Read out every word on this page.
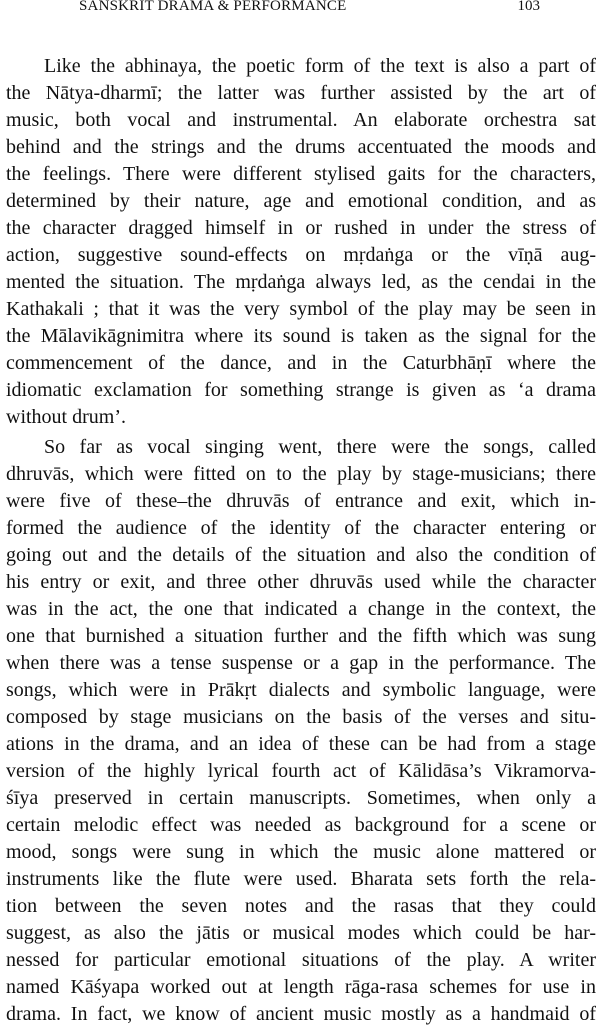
SANSKRIT DRAMA & PERFORMANCE	103
Like the abhinaya, the poetic form of the text is also a part of
the Nātya-dharmī; the latter was further assisted by the art of
music, both vocal and instrumental. An elaborate orchestra sat
behind and the strings and the drums accentuated the moods and
the feelings. There were different stylised gaits for the characters,
determined by their nature, age and emotional condition, and as
the character dragged himself in or rushed in under the stress of
action, suggestive sound-effects on mṛdaṅga or the vīṇā aug-
mented the situation. The mṛdaṅga always led, as the cendai in the
Kathakali ; that it was the very symbol of the play may be seen in
the Mālavikāgnimitra where its sound is taken as the signal for the
commencement of the dance, and in the Caturbhāṇī where the
idiomatic exclamation for something strange is given as ‘a drama
without drum’.
So far as vocal singing went, there were the songs, called
dhruvās, which were fitted on to the play by stage-musicians; there
were five of these–the dhruvās of entrance and exit, which in-
formed the audience of the identity of the character entering or
going out and the details of the situation and also the condition of
his entry or exit, and three other dhruvās used while the character
was in the act, the one that indicated a change in the context, the
one that burnished a situation further and the fifth which was sung
when there was a tense suspense or a gap in the performance. The
songs, which were in Prākṛt dialects and symbolic language, were
composed by stage musicians on the basis of the verses and situ-
ations in the drama, and an idea of these can be had from a stage
version of the highly lyrical fourth act of Kālidāsa’s Vikramorva-
śīya preserved in certain manuscripts. Sometimes, when only a
certain melodic effect was needed as background for a scene or
mood, songs were sung in which the music alone mattered or
instruments like the flute were used. Bharata sets forth the rela-
tion between the seven notes and the rasas that they could
suggest, as also the jātis or musical modes which could be har-
nessed for particular emotional situations of the play. A writer
named Kāśyapa worked out at length rāga-rasa schemes for use in
drama. In fact, we know of ancient music mostly as a handmaid of
